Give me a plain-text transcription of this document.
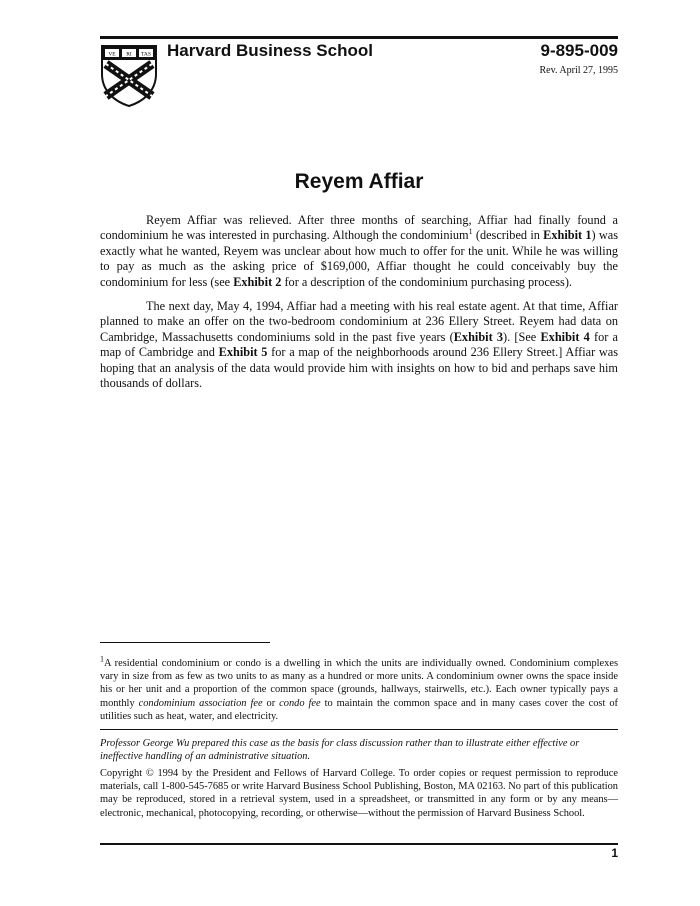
VE RI TAS Harvard Business School	9-895-009
Rev. April 27, 1995
Reyem Affiar

Reyem Affiar was relieved. After three months of searching, Affiar had finally found a condominium he was interested in purchasing. Although the condominium$^1$ (described in Exhibit 1) was exactly what he wanted, Reyem was unclear about how much to offer for the unit. While he was willing to pay as much as the asking price of $169,000, Affiar thought he could conceivably buy the condominium for less (see Exhibit 2 for a description of the condominium purchasing process).

The next day, May 4, 1994, Affiar had a meeting with his real estate agent. At that time, Affiar planned to make an offer on the two-bedroom condominium at 236 Ellery Street. Reyem had data on Cambridge, Massachusetts condominiums sold in the past five years (Exhibit 3). [See Exhibit 4 for a map of Cambridge and Exhibit 5 for a map of the neighborhoods around 236 Ellery Street.] Affiar was hoping that an analysis of the data would provide him with insights on how to bid and perhaps save him thousands of dollars.

$^1$A residential condominium or condo is a dwelling in which the units are individually owned. Condominium complexes vary in size from as few as two units to as many as a hundred or more units. A condominium owner owns the space inside his or her unit and a proportion of the common space (grounds, hallways, stairwells, etc.). Each owner typically pays a monthly condominium association fee or condo fee to maintain the common space and in many cases cover the cost of utilities such as heat, water, and electricity.

Professor George Wu prepared this case as the basis for class discussion rather than to illustrate either effective or ineffective handling of an administrative situation.

Copyright © 1994 by the President and Fellows of Harvard College. To order copies or request permission to reproduce materials, call 1-800-545-7685 or write Harvard Business School Publishing, Boston, MA 02163. No part of this publication may be reproduced, stored in a retrieval system, used in a spreadsheet, or transmitted in any form or by any means—electronic, mechanical, photocopying, recording, or otherwise—without the permission of Harvard Business School.

1
